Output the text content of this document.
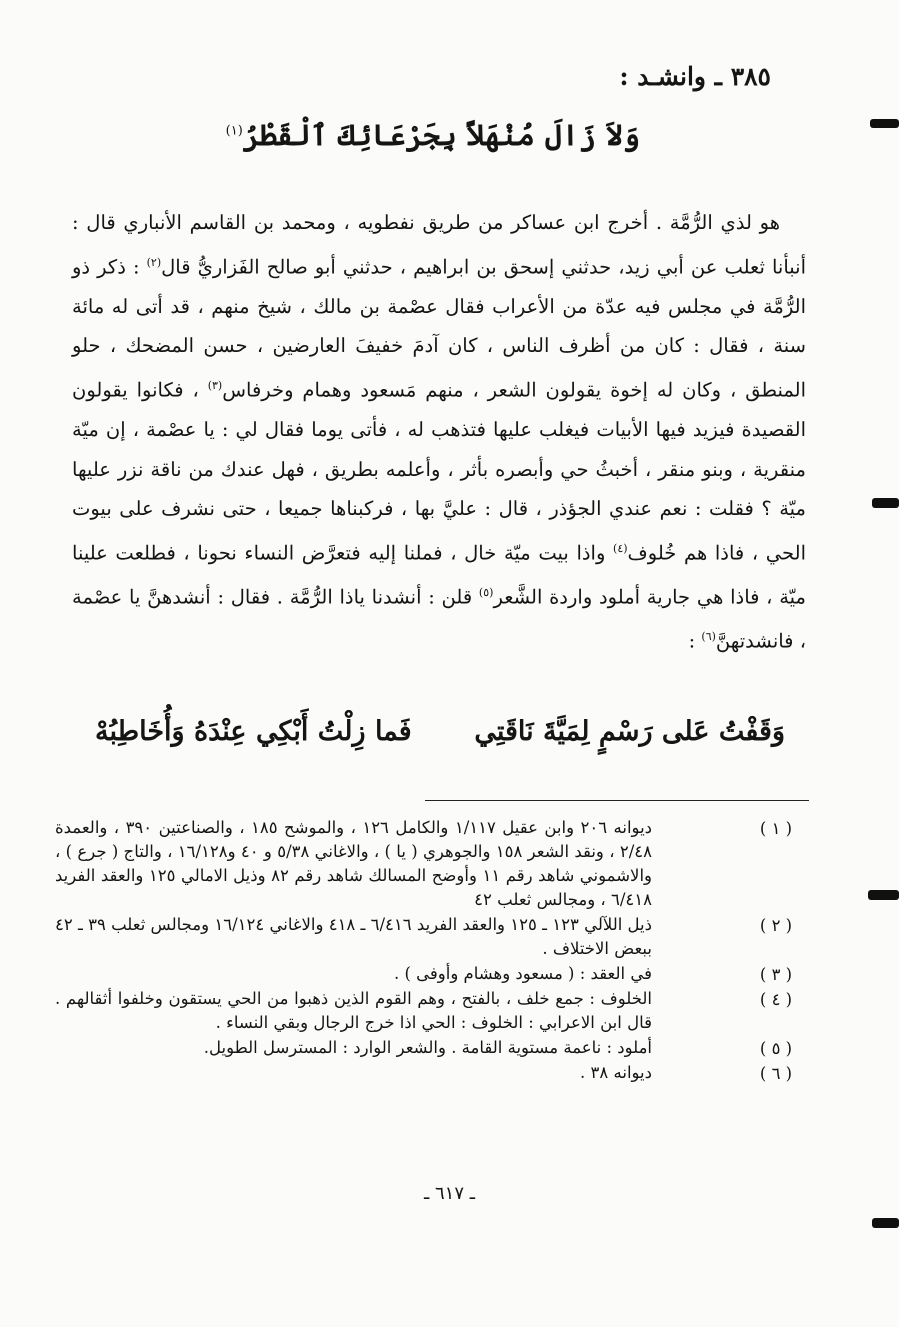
٣٨٥ ـ وانشـد :
وَلاَ زَالَ مُنْهَلاً بِجَرْعَائِكَ ٱلْقَطْرُ$^{(١)}$

هو لذي الرُّمَّة . أخرج ابن عساكر من طريق نفطويه ، ومحمد بن القاسم الأنباري قال : أنبأنا ثعلب عن أبي زيد، حدثني إسحق بن ابراهيم ، حدثني أبو صالح الفَزاريُّ قال$^{(٢)}$ : ذكر ذو الرُّمَّة في مجلس فيه عدّة من الأعراب فقال عصْمة بن مالك ، شيخ منهم ، قد أتى له مائة سنة ، فقال : كان من أظرف الناس ، كان آدمَ خفيفَ العارضين ، حسن المضحك ، حلو المنطق ، وكان له إخوة يقولون الشعر ، منهم مَسعود وهمام وخرفاس$^{(٣)}$ ، فكانوا يقولون القصيدة فيزيد فيها الأبيات فيغلب عليها فتذهب له ، فأتى يوما فقال لي : يا عصْمة ، إن ميّة منقرية ، وبنو منقر ، أخبثُ حي وأبصره بأثر ، وأعلمه بطريق ، فهل عندك من ناقة نزر عليها ميّة ؟ فقلت : نعم عندي الجؤذر ، قال : عليَّ بها ، فركبناها جميعا ، حتى نشرف على بيوت الحي ، فاذا هم خُلوف$^{(٤)}$ واذا بيت ميّة خال ، فملنا إليه فتعرَّض النساء نحونا ، فطلعت علينا ميّة ، فاذا هي جارية أملود واردة الشَّعر$^{(٥)}$ قلن : أنشدنا ياذا الرُّمَّة . فقال : أنشدهنَّ يا عصْمة ، فانشدتهنَّ$^{(٦)}$ :

وَقَفْتُ عَلى رَسْمٍ لِمَيَّةَ نَاقَتِي
فَما زِلْتُ أَبْكِي عِنْدَهُ وَأُخَاطِبُهْ
( ١ )
ديوانه ٢٠٦ وابن عقيل ١/١١٧ والكامل ١٢٦ ، والموشح ١٨٥ ، والصناعتين ٣٩٠ ، والعمدة ٢/٤٨ ، ونقد الشعر ١٥٨ والجوهري ( يا ) ، والاغاني ٥/٣٨ و ٤٠ و١٦/١٢٨ ، والتاج ( جرع ) ، والاشموني شاهد رقم ١١ وأوضح المسالك شاهد رقم ٨٢ وذيل الامالي ١٢٥ والعقد الفريد ٦/٤١٨ ، ومجالس ثعلب ٤٢
( ٢ )
ذيل اللآلي ١٢٣ ـ ١٢٥ والعقد الفريد ٦/٤١٦ ـ ٤١٨ والاغاني ١٦/١٢٤ ومجالس ثعلب ٣٩ ـ ٤٢ ببعض الاختلاف .
( ٣ )
في العقد : ( مسعود وهشام وأوفى ) .
( ٤ )
الخلوف : جمع خلف ، بالفتح ، وهم القوم الذين ذهبوا من الحي يستقون وخلفوا أثقالهم . قال ابن الاعرابي : الخلوف : الحي اذا خرج الرجال وبقي النساء .
( ٥ )
أملود : ناعمة مستوية القامة . والشعر الوارد : المسترسل الطويل.
( ٦ )
ديوانه ٣٨ .
ـ ٦١٧ ـ
